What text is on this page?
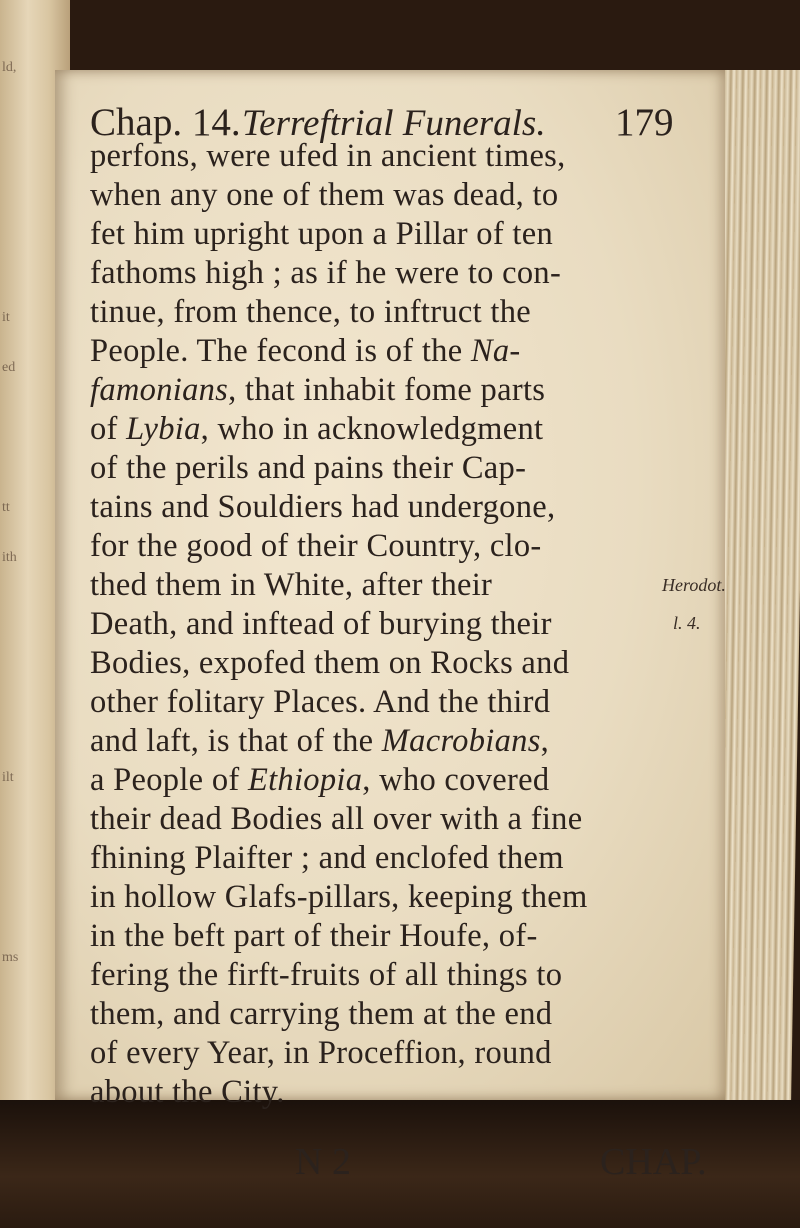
ld,
it
ed
tt
ith
ilt
ms
Chap. 14. Terreftrial Funerals. 179
perfons, were ufed in ancient times,
when any one of them was dead, to
fet him upright upon a Pillar of ten
fathoms high ; as if he were to con-
tinue, from thence, to inftruct the
People. The fecond is of the Na-
famonians, that inhabit fome parts
of Lybia, who in acknowledgment
of the perils and pains their Cap-
tains and Souldiers had undergone,
for the good of their Country, clo-
thed them in White, after their
Death, and inftead of burying their
Bodies, expofed them on Rocks and
other folitary Places. And the third
and laft, is that of the Macrobians,
a People of Ethiopia, who covered
their dead Bodies all over with a fine
fhining Plaifter ; and enclofed them
in hollow Glafs-pillars, keeping them
in the beft part of their Houfe, of-
fering the firft-fruits of all things to
them, and carrying them at the end
of every Year, in Proceffion, round
about the City.
Herodot.
l. 4.
N 2	CHAP.
